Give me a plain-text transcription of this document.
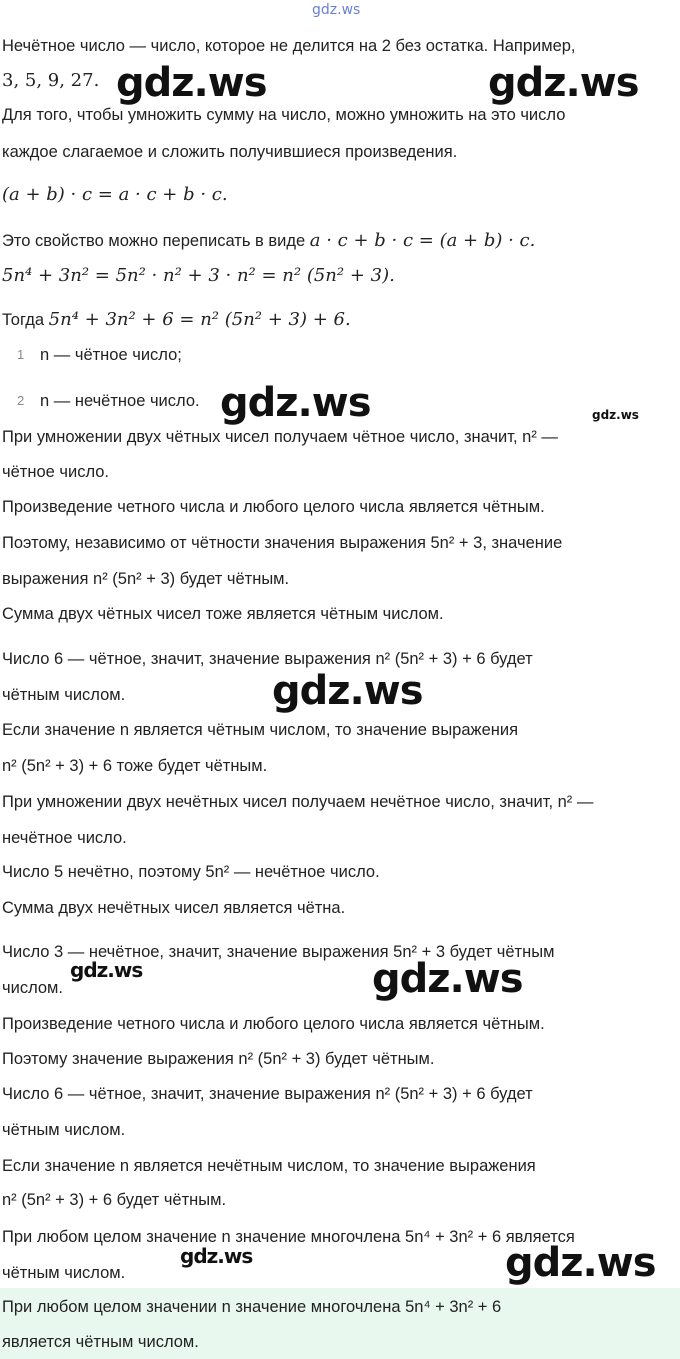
Нечётное число — число, которое не делится на 2 без остатка. Например,
3, 5, 9, 27.
Для того, чтобы умножить сумму на число, можно умножить на это число
каждое слагаемое и сложить получившиеся произведения.
(a + b) · c = a · c + b · c.
Это свойство можно переписать в виде a · c + b · c = (a + b) · c.
5n⁴ + 3n² = 5n² · n² + 3 · n² = n² (5n² + 3).
Тогда 5n⁴ + 3n² + 6 = n² (5n² + 3) + 6.
1 n — чётное число;
2 n — нечётное число.
При умножении двух чётных чисел получаем чётное число, значит, n² —
чётное число.
Произведение четного числа и любого целого числа является чётным.
Поэтому, независимо от чётности значения выражения 5n² + 3, значение
выражения n² (5n² + 3) будет чётным.
Сумма двух чётных чисел тоже является чётным числом.
Число 6 — чётное, значит, значение выражения n² (5n² + 3) + 6 будет
чётным числом.
Если значение n является чётным числом, то значение выражения
n² (5n² + 3) + 6 тоже будет чётным.
При умножении двух нечётных чисел получаем нечётное число, значит, n² —
нечётное число.
Число 5 нечётно, поэтому 5n² — нечётное число.
Сумма двух нечётных чисел является чётна.
Число 3 — нечётное, значит, значение выражения 5n² + 3 будет чётным
числом.
Произведение четного числа и любого целого числа является чётным.
Поэтому значение выражения n² (5n² + 3) будет чётным.
Число 6 — чётное, значит, значение выражения n² (5n² + 3) + 6 будет
чётным числом.
Если значение n является нечётным числом, то значение выражения
n² (5n² + 3) + 6 будет чётным.
При любом целом значение n значение многочлена 5n⁴ + 3n² + 6 является
чётным числом.
При любом целом значении n значение многочлена 5n⁴ + 3n² + 6
является чётным числом.
gdz.ws
gdz.ws	gdz.ws
gdz.ws	gdz.ws
gdz.ws
gdz.ws	gdz.ws
gdz.ws	gdz.ws
